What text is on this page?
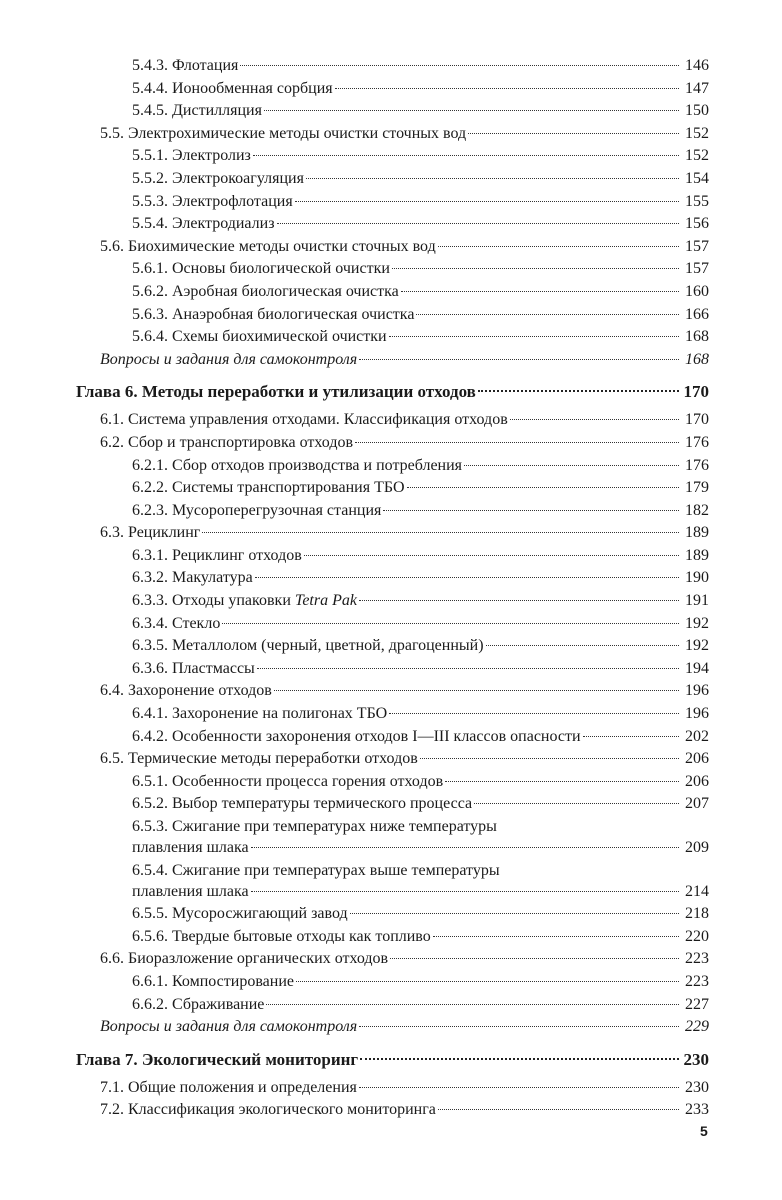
5.4.3. Флотация	146
5.4.4. Ионообменная сорбция	147
5.4.5. Дистилляция	150
5.5. Электрохимические методы очистки сточных вод	152
5.5.1. Электролиз	152
5.5.2. Электрокоагуляция	154
5.5.3. Электрофлотация	155
5.5.4. Электродиализ	156
5.6. Биохимические методы очистки сточных вод	157
5.6.1. Основы биологической очистки	157
5.6.2. Аэробная биологическая очистка	160
5.6.3. Анаэробная биологическая очистка	166
5.6.4. Схемы биохимической очистки	168
Вопросы и задания для самоконтроля	168
Глава 6. Методы переработки и утилизации отходов	170
6.1. Система управления отходами. Классификация отходов	170
6.2. Сбор и транспортировка отходов	176
6.2.1. Сбор отходов производства и потребления	176
6.2.2. Системы транспортирования ТБО	179
6.2.3. Мусороперегрузочная станция	182
6.3. Рециклинг	189
6.3.1. Рециклинг отходов	189
6.3.2. Макулатура	190
6.3.3. Отходы упаковки Tetra Pak	191
6.3.4. Стекло	192
6.3.5. Металлолом (черный, цветной, драгоценный)	192
6.3.6. Пластмассы	194
6.4. Захоронение отходов	196
6.4.1. Захоронение на полигонах ТБО	196
6.4.2. Особенности захоронения отходов I—III классов опасности	202
6.5. Термические методы переработки отходов	206
6.5.1. Особенности процесса горения отходов	206
6.5.2. Выбор температуры термического процесса	207
6.5.3. Сжигание при температурах ниже температуры
плавления шлака	209
6.5.4. Сжигание при температурах выше температуры
плавления шлака	214
6.5.5. Мусоросжигающий завод	218
6.5.6. Твердые бытовые отходы как топливо	220
6.6. Биоразложение органических отходов	223
6.6.1. Компостирование	223
6.6.2. Сбраживание	227
Вопросы и задания для самоконтроля	229
Глава 7. Экологический мониторинг	230
7.1. Общие положения и определения	230
7.2. Классификация экологического мониторинга	233
5
